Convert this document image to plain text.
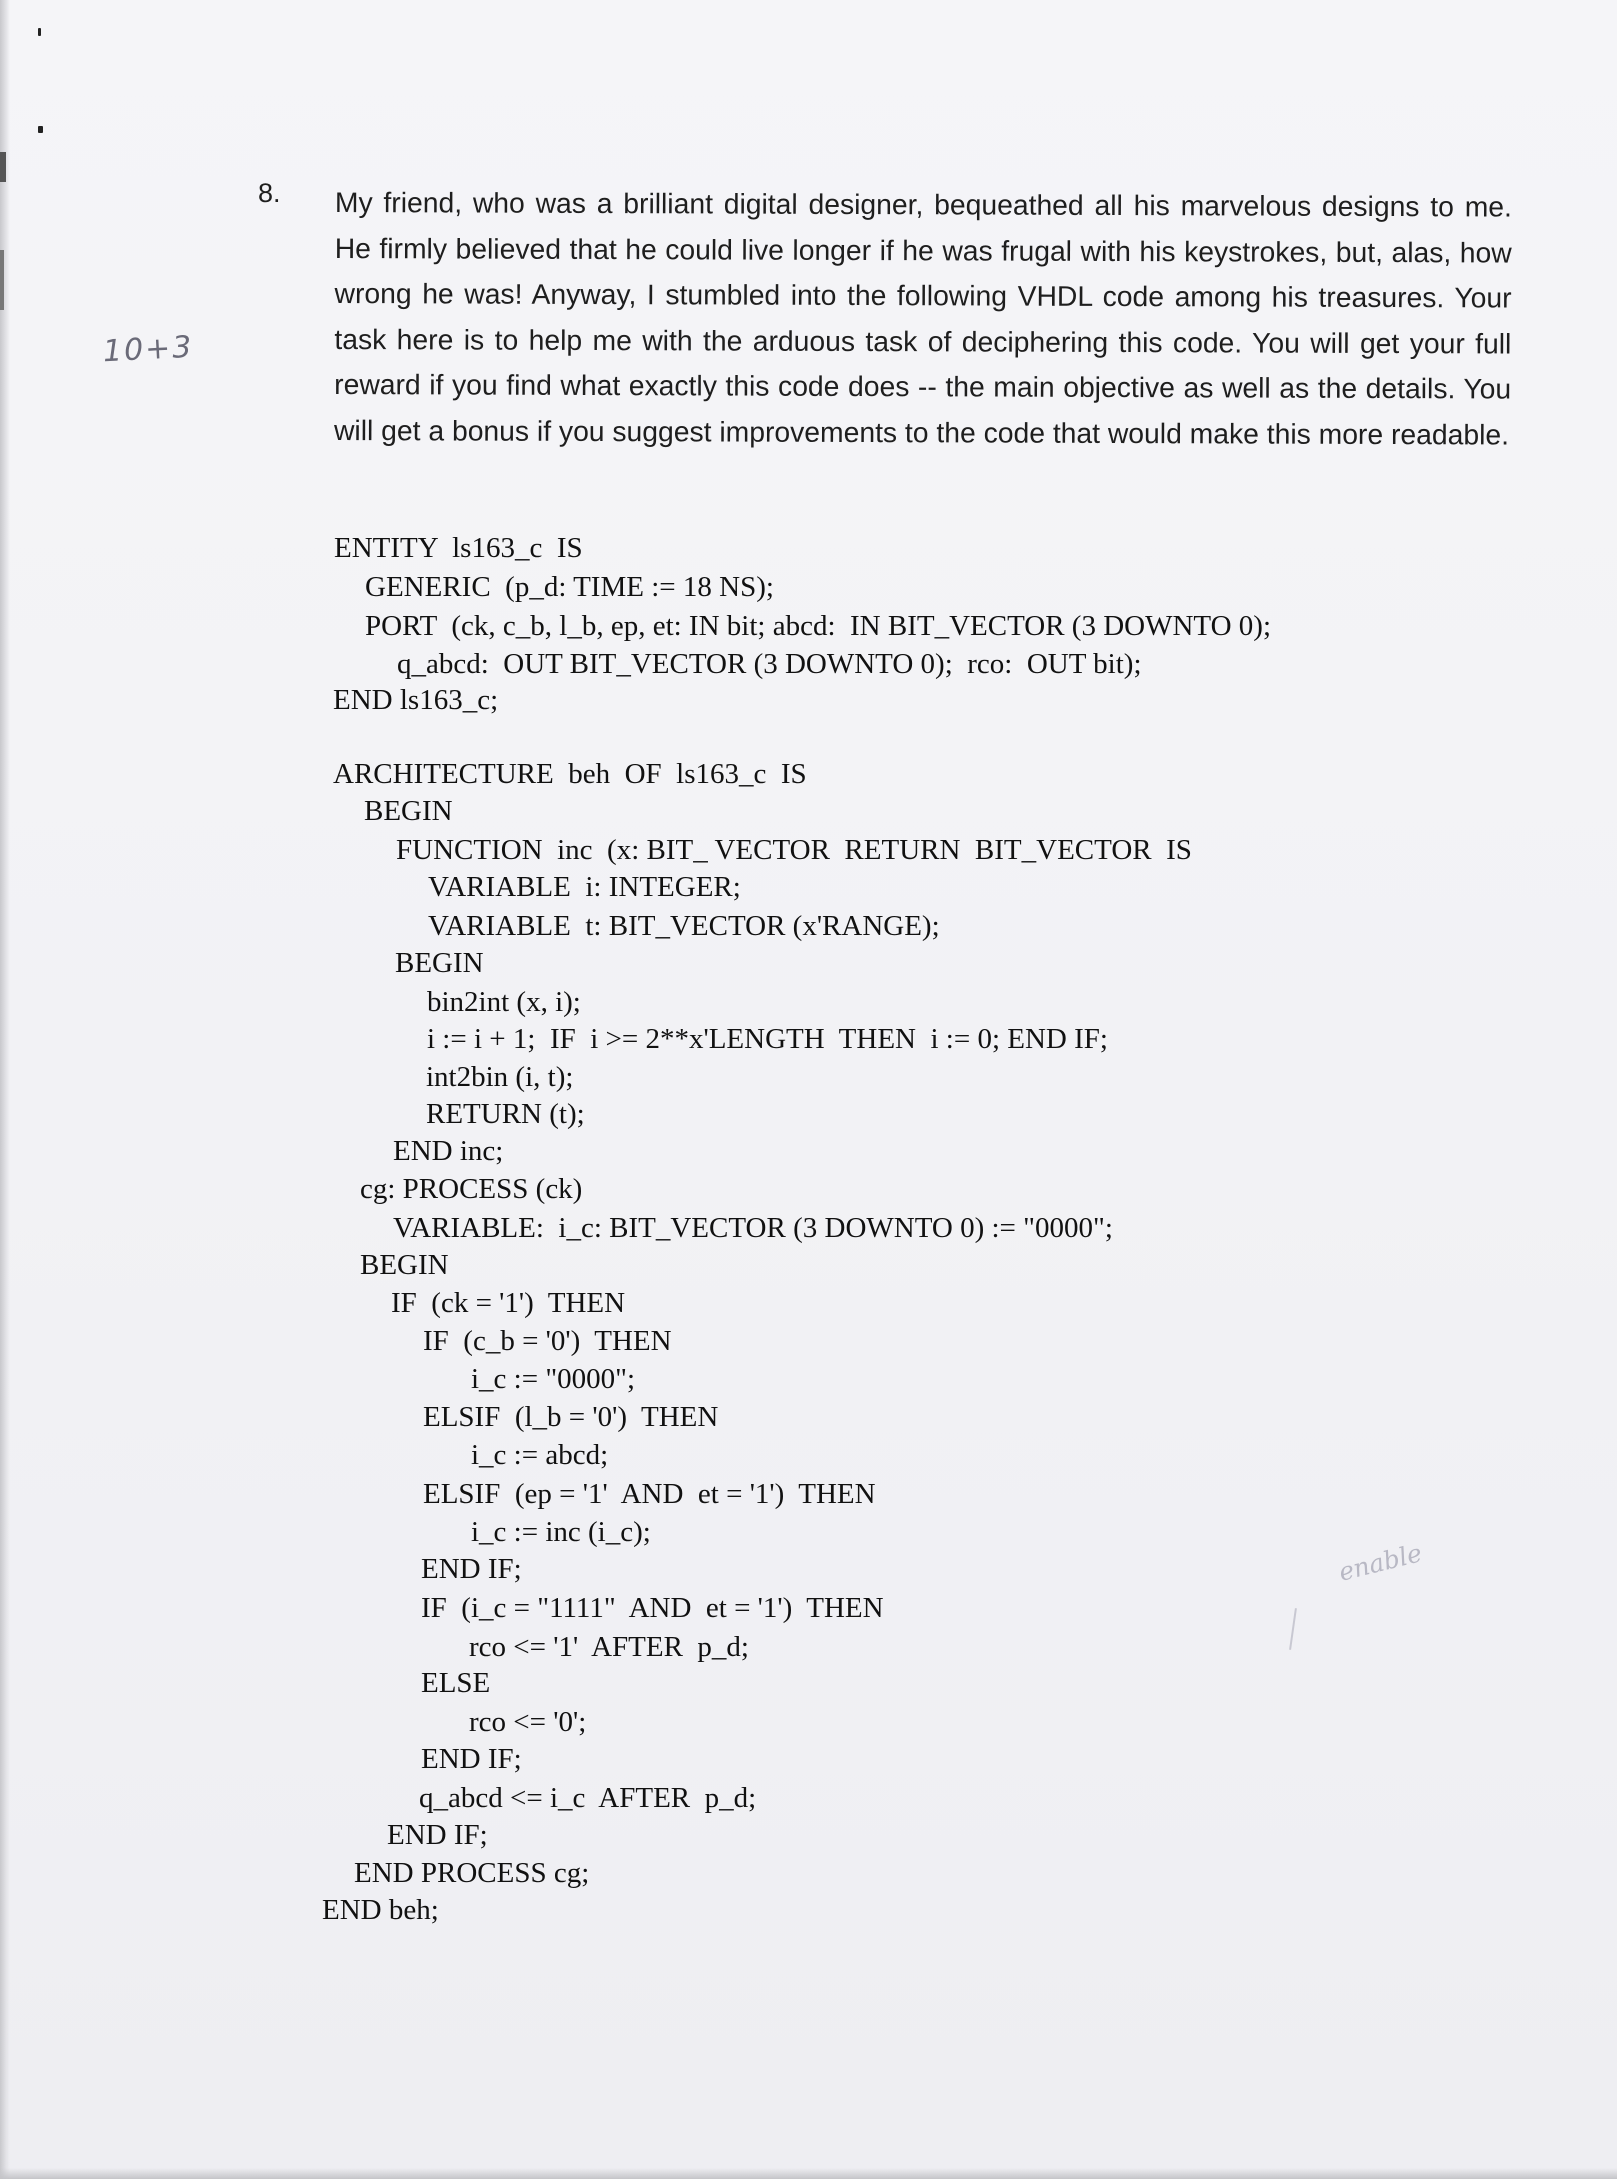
10+3
enable
8. My friend, who was a brilliant digital designer, bequeathed all his marvelous designs to me. He firmly believed that he could live longer if he was frugal with his keystrokes, but, alas, how wrong he was! Anyway, I stumbled into the following VHDL code among his treasures. Your task here is to help me with the arduous task of deciphering this code. You will get your full reward if you find what exactly this code does -- the main objective as well as the details. You will get a bonus if you suggest improvements to the code that would make this more readable.
ENTITY  ls163_c  IS
GENERIC  (p_d: TIME := 18 NS);
PORT  (ck, c_b, l_b, ep, et: IN bit; abcd:  IN BIT_VECTOR (3 DOWNTO 0);
q_abcd:  OUT BIT_VECTOR (3 DOWNTO 0);  rco:  OUT bit);
END ls163_c;
ARCHITECTURE  beh  OF  ls163_c  IS
BEGIN
FUNCTION  inc  (x: BIT_ VECTOR  RETURN  BIT_VECTOR  IS
VARIABLE  i: INTEGER;
VARIABLE  t: BIT_VECTOR (x'RANGE);
BEGIN
bin2int (x, i);
i := i + 1;  IF  i >= 2**x'LENGTH  THEN  i := 0; END IF;
int2bin (i, t);
RETURN (t);
END inc;
cg: PROCESS (ck)
VARIABLE:  i_c: BIT_VECTOR (3 DOWNTO 0) := "0000";
BEGIN
IF  (ck = '1')  THEN
IF  (c_b = '0')  THEN
i_c := "0000";
ELSIF  (l_b = '0')  THEN
i_c := abcd;
ELSIF  (ep = '1'  AND  et = '1')  THEN
i_c := inc (i_c);
END IF;
IF  (i_c = "1111"  AND  et = '1')  THEN
rco <= '1'  AFTER  p_d;
ELSE
rco <= '0';
END IF;
q_abcd <= i_c  AFTER  p_d;
END IF;
END PROCESS cg;
END beh;
